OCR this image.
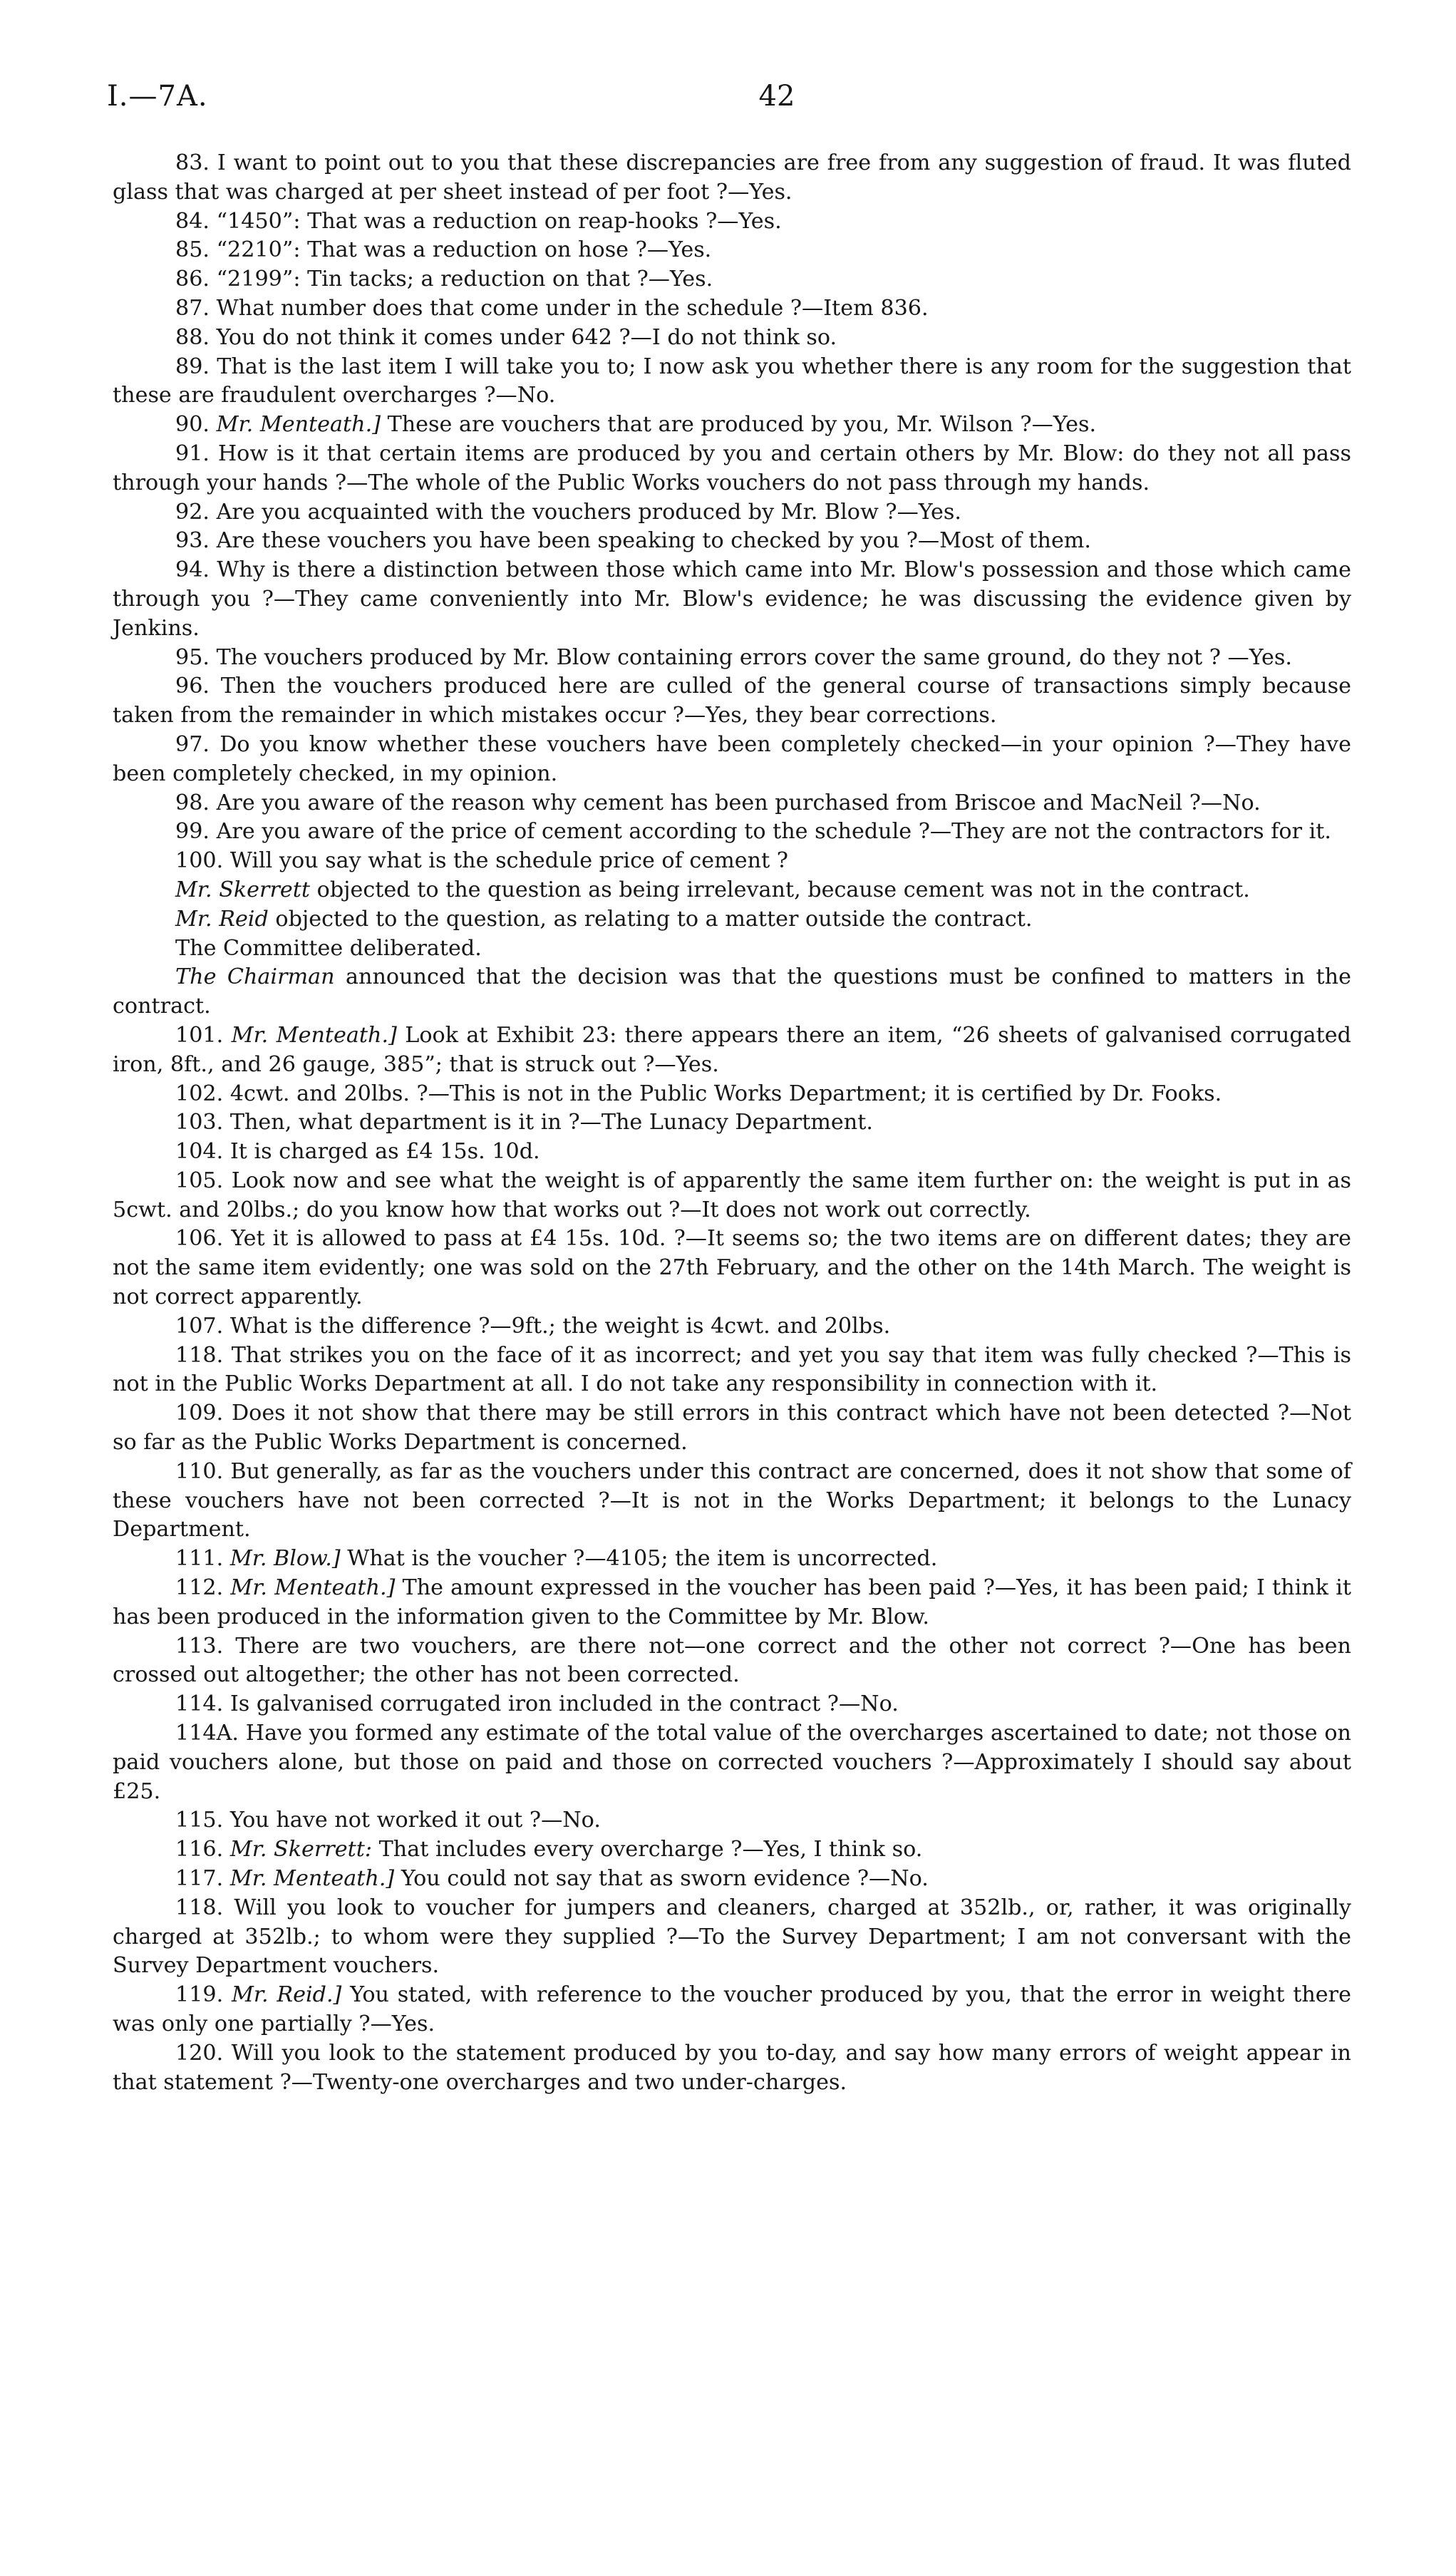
I.—7A.	42

83. I want to point out to you that these discrepancies are free from any suggestion of fraud. It was fluted glass that was charged at per sheet instead of per foot ?—Yes.

84. “1450”: That was a reduction on reap-hooks ?—Yes.

85. “2210”: That was a reduction on hose ?—Yes.

86. “2199”: Tin tacks; a reduction on that ?—Yes.

87. What number does that come under in the schedule ?—Item 836.

88. You do not think it comes under 642 ?—I do not think so.

89. That is the last item I will take you to; I now ask you whether there is any room for the suggestion that these are fraudulent overcharges ?—No.

90. Mr. Menteath.] These are vouchers that are produced by you, Mr. Wilson ?—Yes.

91. How is it that certain items are produced by you and certain others by Mr. Blow: do they not all pass through your hands ?—The whole of the Public Works vouchers do not pass through my hands.

92. Are you acquainted with the vouchers produced by Mr. Blow ?—Yes.

93. Are these vouchers you have been speaking to checked by you ?—Most of them.

94. Why is there a distinction between those which came into Mr. Blow's possession and those which came through you ?—They came conveniently into Mr. Blow's evidence; he was discussing the evidence given by Jenkins.

95. The vouchers produced by Mr. Blow containing errors cover the same ground, do they not ? —Yes.

96. Then the vouchers produced here are culled of the general course of transactions simply because taken from the remainder in which mistakes occur ?—Yes, they bear corrections.

97. Do you know whether these vouchers have been completely checked—in your opinion ?—They have been completely checked, in my opinion.

98. Are you aware of the reason why cement has been purchased from Briscoe and MacNeil ?—No.

99. Are you aware of the price of cement according to the schedule ?—They are not the contractors for it.

100. Will you say what is the schedule price of cement ?

Mr. Skerrett objected to the question as being irrelevant, because cement was not in the contract.

Mr. Reid objected to the question, as relating to a matter outside the contract.

The Committee deliberated.

The Chairman announced that the decision was that the questions must be confined to matters in the contract.

101. Mr. Menteath.] Look at Exhibit 23: there appears there an item, “26 sheets of galvanised corrugated iron, 8ft., and 26 gauge, 385”; that is struck out ?—Yes.

102. 4cwt. and 20lbs. ?—This is not in the Public Works Department; it is certified by Dr. Fooks.

103. Then, what department is it in ?—The Lunacy Department.

104. It is charged as £4 15s. 10d.

105. Look now and see what the weight is of apparently the same item further on: the weight is put in as 5cwt. and 20lbs.; do you know how that works out ?—It does not work out correctly.

106. Yet it is allowed to pass at £4 15s. 10d. ?—It seems so; the two items are on different dates; they are not the same item evidently; one was sold on the 27th February, and the other on the 14th March. The weight is not correct apparently.

107. What is the difference ?—9ft.; the weight is 4cwt. and 20lbs.

118. That strikes you on the face of it as incorrect; and yet you say that item was fully checked ?—This is not in the Public Works Department at all. I do not take any responsibility in connection with it.

109. Does it not show that there may be still errors in this contract which have not been detected ?—Not so far as the Public Works Department is concerned.

110. But generally, as far as the vouchers under this contract are concerned, does it not show that some of these vouchers have not been corrected ?—It is not in the Works Department; it belongs to the Lunacy Department.

111. Mr. Blow.] What is the voucher ?—4105; the item is uncorrected.

112. Mr. Menteath.] The amount expressed in the voucher has been paid ?—Yes, it has been paid; I think it has been produced in the information given to the Committee by Mr. Blow.

113. There are two vouchers, are there not—one correct and the other not correct ?—One has been crossed out altogether; the other has not been corrected.

114. Is galvanised corrugated iron included in the contract ?—No.

114A. Have you formed any estimate of the total value of the overcharges ascertained to date; not those on paid vouchers alone, but those on paid and those on corrected vouchers ?—Approximately I should say about £25.

115. You have not worked it out ?—No.

116. Mr. Skerrett: That includes every overcharge ?—Yes, I think so.

117. Mr. Menteath.] You could not say that as sworn evidence ?—No.

118. Will you look to voucher for jumpers and cleaners, charged at 352lb., or, rather, it was originally charged at 352lb.; to whom were they supplied ?—To the Survey Department; I am not conversant with the Survey Department vouchers.

119. Mr. Reid.] You stated, with reference to the voucher produced by you, that the error in weight there was only one partially ?—Yes.

120. Will you look to the statement produced by you to-day, and say how many errors of weight appear in that statement ?—Twenty-one overcharges and two under-charges.
